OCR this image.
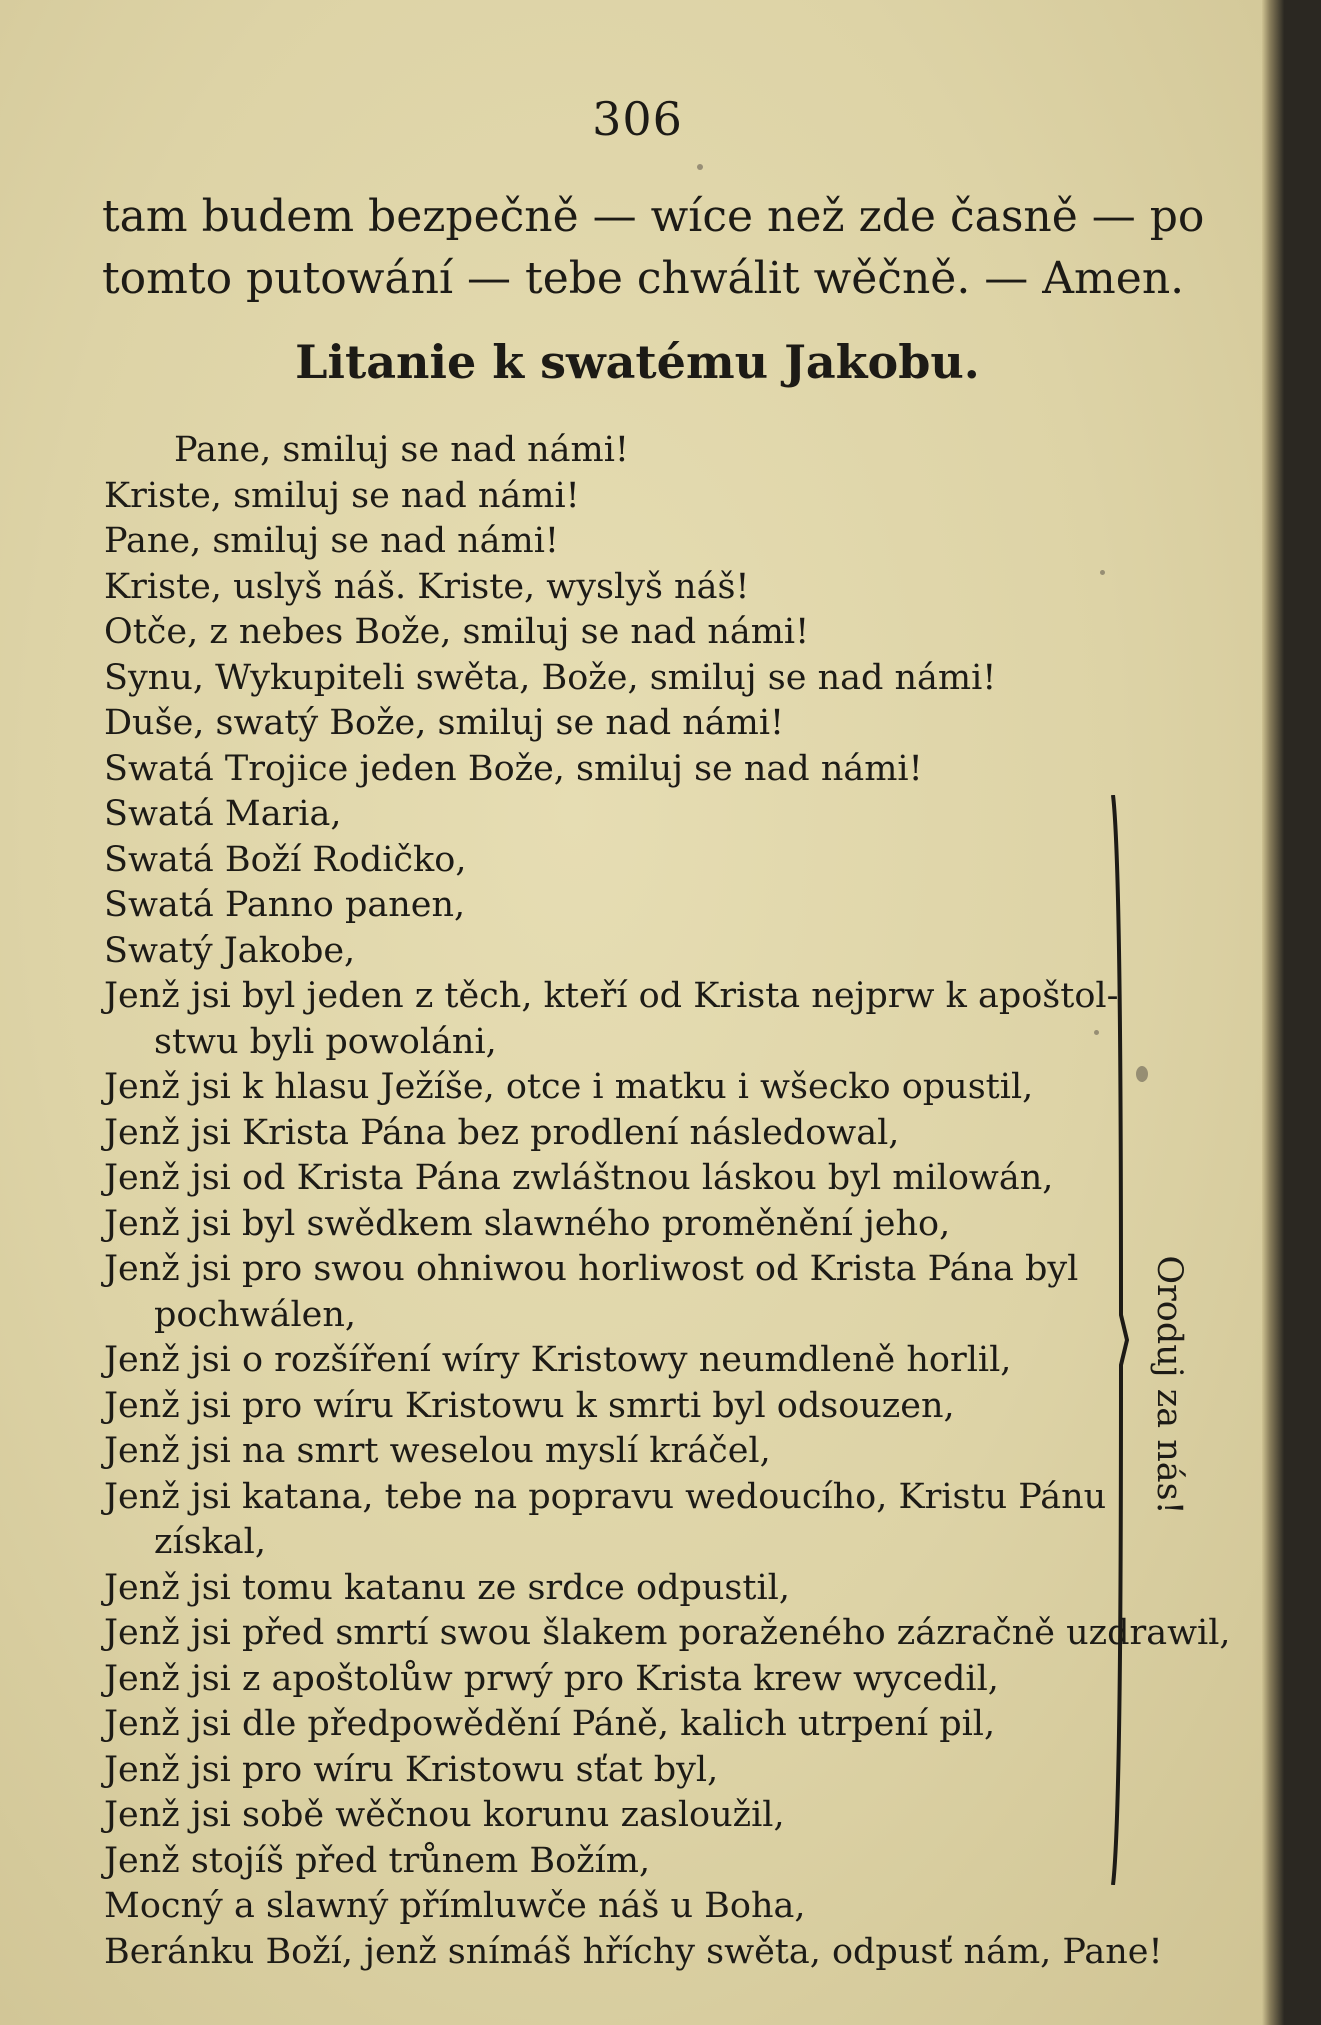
306
tam budem bezpečně — wíce než zde časně — po
tomto putowání — tebe chwálit wěčně. — Amen.
Litanie k swatému Jakobu.
Pane, smiluj se nad námi!
Kriste, smiluj se nad námi!
Pane, smiluj se nad námi!
Kriste, uslyš náš. Kriste, wyslyš náš!
Otče, z nebes Bože, smiluj se nad námi!
Synu, Wykupiteli swěta, Bože, smiluj se nad námi!
Duše, swatý Bože, smiluj se nad námi!
Swatá Trojice jeden Bože, smiluj se nad námi!
Swatá Maria,
Swatá Boží Rodičko,
Swatá Panno panen,
Swatý Jakobe,
Jenž jsi byl jeden z těch, kteří od Krista nejprw k apoštol-
stwu byli powoláni,
Jenž jsi k hlasu Ježíše, otce i matku i wšecko opustil,
Jenž jsi Krista Pána bez prodlení následowal,
Jenž jsi od Krista Pána zwláštnou láskou byl milowán,
Jenž jsi byl swědkem slawného proměnění jeho,
Jenž jsi pro swou ohniwou horliwost od Krista Pána byl
pochwálen,
Jenž jsi o rozšíření wíry Kristowy neumdleně horlil,
Jenž jsi pro wíru Kristowu k smrti byl odsouzen,
Jenž jsi na smrt weselou myslí kráčel,
Jenž jsi katana, tebe na popravu wedoucího, Kristu Pánu
získal,
Jenž jsi tomu katanu ze srdce odpustil,
Jenž jsi před smrtí swou šlakem poraženého zázračně uzdrawil,
Jenž jsi z apoštolůw prwý pro Krista krew wycedil,
Jenž jsi dle předpowědění Páně, kalich utrpení pil,
Jenž jsi pro wíru Kristowu sťat byl,
Jenž jsi sobě wěčnou korunu zasloužil,
Jenž stojíš před trůnem Božím,
Mocný a slawný přímluwče náš u Boha,
Beránku Boží, jenž snímáš hříchy swěta, odpusť nám, Pane!
Oroduj za nás!
